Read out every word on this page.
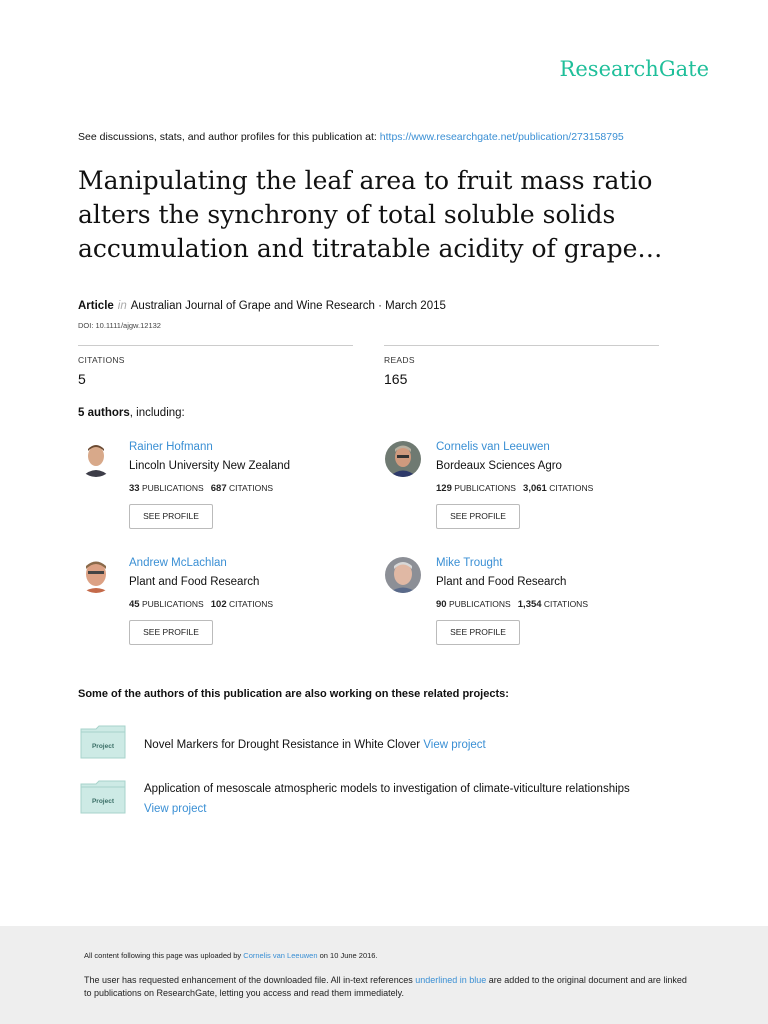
ResearchGate
See discussions, stats, and author profiles for this publication at: https://www.researchgate.net/publication/273158795
Manipulating the leaf area to fruit mass ratio alters the synchrony of total soluble solids accumulation and titratable acidity of grape…
Article in Australian Journal of Grape and Wine Research · March 2015
DOI: 10.1111/ajgw.12132
CITATIONS
5
READS
165
5 authors, including:
Rainer Hofmann
Lincoln University New Zealand
33 PUBLICATIONS 687 CITATIONS
SEE PROFILE
Cornelis van Leeuwen
Bordeaux Sciences Agro
129 PUBLICATIONS 3,061 CITATIONS
SEE PROFILE
Andrew McLachlan
Plant and Food Research
45 PUBLICATIONS 102 CITATIONS
SEE PROFILE
Mike Trought
Plant and Food Research
90 PUBLICATIONS 1,354 CITATIONS
SEE PROFILE
Some of the authors of this publication are also working on these related projects:
Project	Novel Markers for Drought Resistance in White Clover View project
Project
Application of mesoscale atmospheric models to investigation of climate-viticulture relationships
View project
All content following this page was uploaded by Cornelis van Leeuwen on 10 June 2016.
The user has requested enhancement of the downloaded file. All in-text references underlined in blue are added to the original document and are linked to publications on ResearchGate, letting you access and read them immediately.
